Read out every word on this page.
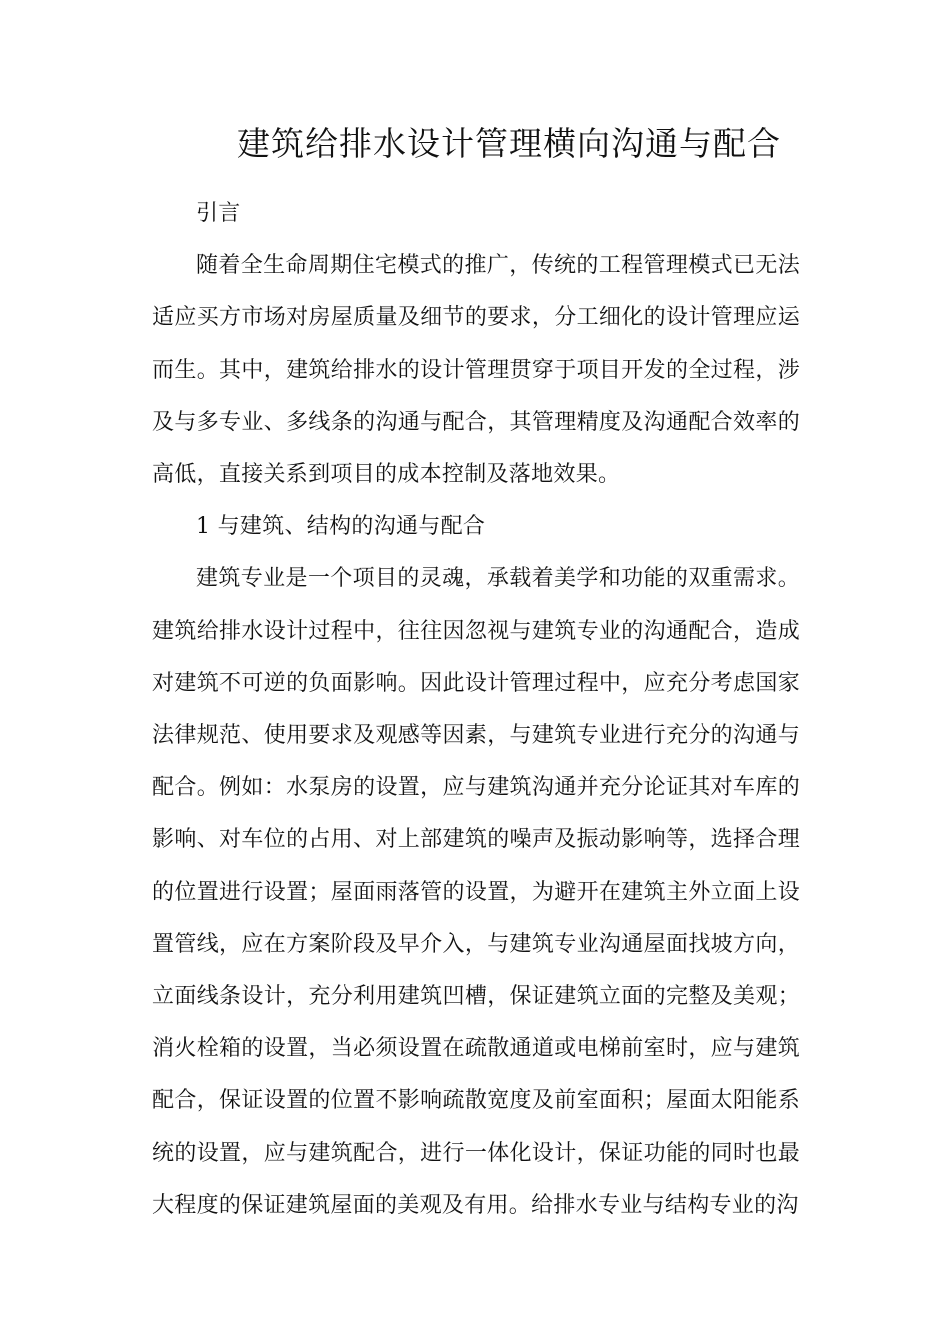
建筑给排水设计管理横向沟通与配合

引言

随着全生命周期住宅模式的推广，传统的工程管理模式已无法适应买方市场对房屋质量及细节的要求，分工细化的设计管理应运而生。其中，建筑给排水的设计管理贯穿于项目开发的全过程，涉及与多专业、多线条的沟通与配合，其管理精度及沟通配合效率的高低，直接关系到项目的成本控制及落地效果。

1 与建筑、结构的沟通与配合

建筑专业是一个项目的灵魂，承载着美学和功能的双重需求。建筑给排水设计过程中，往往因忽视与建筑专业的沟通配合，造成对建筑不可逆的负面影响。因此设计管理过程中，应充分考虑国家法律规范、使用要求及观感等因素，与建筑专业进行充分的沟通与配合。例如：水泵房的设置，应与建筑沟通并充分论证其对车库的影响、对车位的占用、对上部建筑的噪声及振动影响等，选择合理的位置进行设置；屋面雨落管的设置，为避开在建筑主外立面上设置管线，应在方案阶段及早介入，与建筑专业沟通屋面找坡方向，立面线条设计，充分利用建筑凹槽，保证建筑立面的完整及美观；消火栓箱的设置，当必须设置在疏散通道或电梯前室时，应与建筑配合，保证设置的位置不影响疏散宽度及前室面积；屋面太阳能系统的设置，应与建筑配合，进行一体化设计，保证功能的同时也最大程度的保证建筑屋面的美观及有用。给排水专业与结构专业的沟
